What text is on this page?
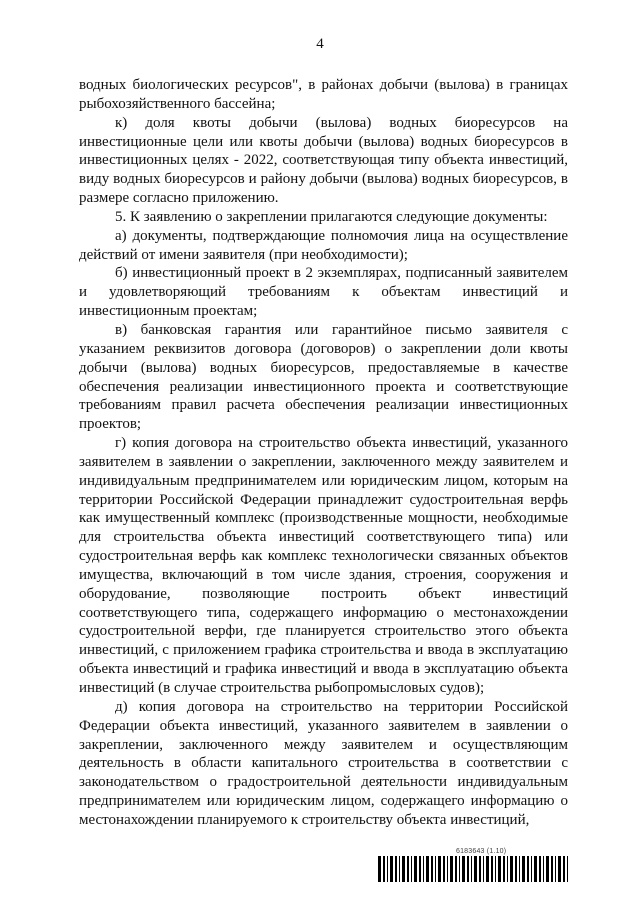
4

водных биологических ресурсов", в районах добычи (вылова) в границах рыбохозяйственного бассейна;

к) доля квоты добычи (вылова) водных биоресурсов на инвестиционные цели или квоты добычи (вылова) водных биоресурсов в инвестиционных целях - 2022, соответствующая типу объекта инвестиций, виду водных биоресурсов и району добычи (вылова) водных биоресурсов, в размере согласно приложению.

5. К заявлению о закреплении прилагаются следующие документы:

а) документы, подтверждающие полномочия лица на осуществление действий от имени заявителя (при необходимости);

б) инвестиционный проект в 2 экземплярах, подписанный заявителем и удовлетворяющий требованиям к объектам инвестиций и инвестиционным проектам;

в) банковская гарантия или гарантийное письмо заявителя с указанием реквизитов договора (договоров) о закреплении доли квоты добычи (вылова) водных биоресурсов, предоставляемые в качестве обеспечения реализации инвестиционного проекта и соответствующие требованиям правил расчета обеспечения реализации инвестиционных проектов;

г) копия договора на строительство объекта инвестиций, указанного заявителем в заявлении о закреплении, заключенного между заявителем и индивидуальным предпринимателем или юридическим лицом, которым на территории Российской Федерации принадлежит судостроительная верфь как имущественный комплекс (производственные мощности, необходимые для строительства объекта инвестиций соответствующего типа) или судостроительная верфь как комплекс технологически связанных объектов имущества, включающий в том числе здания, строения, сооружения и оборудование, позволяющие построить объект инвестиций соответствующего типа, содержащего информацию о местонахождении судостроительной верфи, где планируется строительство этого объекта инвестиций, с приложением графика строительства и ввода в эксплуатацию объекта инвестиций и графика инвестиций и ввода в эксплуатацию объекта инвестиций (в случае строительства рыбопромысловых судов);

д) копия договора на строительство на территории Российской Федерации объекта инвестиций, указанного заявителем в заявлении о закреплении, заключенного между заявителем и осуществляющим деятельность в области капитального строительства в соответствии с законодательством о градостроительной деятельности индивидуальным предпринимателем или юридическим лицом, содержащего информацию о местонахождении планируемого к строительству объекта инвестиций,

6183643 (1.10)
